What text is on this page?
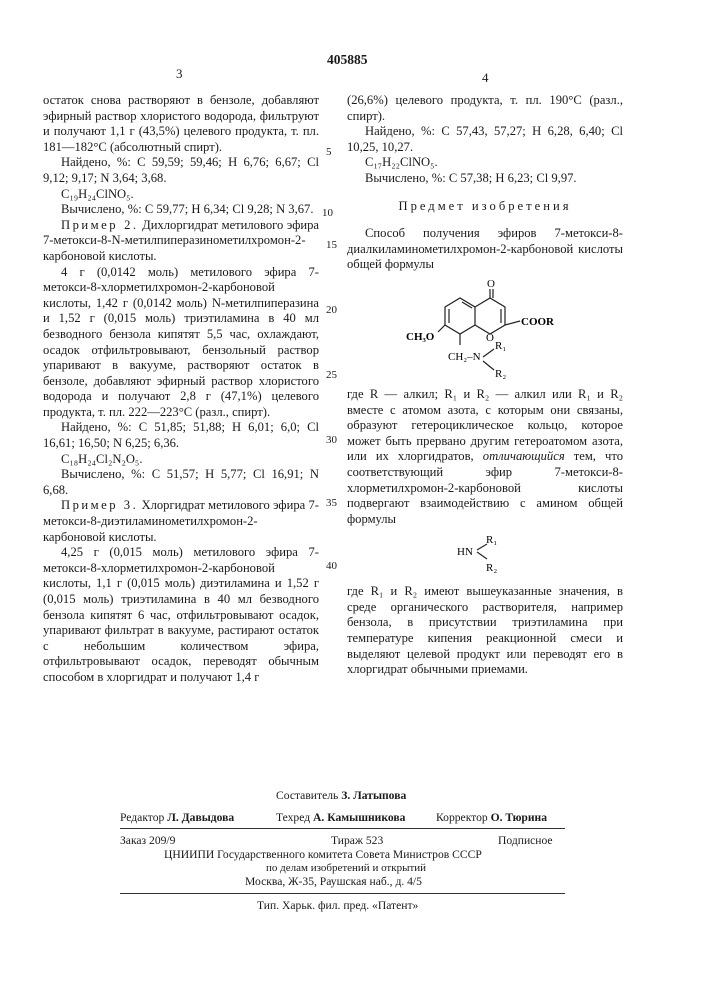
405885
3	4
5
10
15
20
25
30
35
40

остаток снова растворяют в бензоле, добавляют эфирный раствор хлористого водорода, фильтруют и получают 1,1 г (43,5%) целевого продукта, т. пл. 181—182°С (абсолютный спирт).

Найдено, %: С 59,59; 59,46; Н 6,76; 6,67; Cl 9,12; 9,17; N 3,64; 3,68.

C₁₉H₂₄ClNO₅.

Вычислено, %: С 59,77; Н 6,34; Cl 9,28; N 3,67.

Пример 2. Дихлоргидрат метилового эфира 7-метокси-8-N-метилпиперазинометилхромон-2-карбоновой кислоты.

4 г (0,0142 моль) метилового эфира 7-метокси-8-хлорметилхромон-2-карбоновой кислоты, 1,42 г (0,0142 моль) N-метилпиперазина и 1,52 г (0,015 моль) триэтиламина в 40 мл безводного бензола кипятят 5,5 час, охлаждают, осадок отфильтровывают, бензольный раствор упаривают в вакууме, растворяют остаток в бензоле, добавляют эфирный раствор хлористого водорода и получают 2,8 г (47,1%) целевого продукта, т. пл. 222—223°С (разл., спирт).

Найдено, %: С 51,85; 51,88; Н 6,01; 6,0; Cl 16,61; 16,50; N 6,25; 6,36.

C₁₈H₂₄Cl₂N₂O₅.

Вычислено, %: С 51,57; Н 5,77; Cl 16,91; N 6,68.

Пример 3. Хлоргидрат метилового эфира 7-метокси-8-диэтиламинометилхромон-2-карбоновой кислоты.

4,25 г (0,015 моль) метилового эфира 7-метокси-8-хлорметилхромон-2-карбоновой кислоты, 1,1 г (0,015 моль) диэтиламина и 1,52 г (0,015 моль) триэтиламина в 40 мл безводного бензола кипятят 6 час, отфильтровывают осадок, упаривают фильтрат в вакууме, растирают остаток с небольшим количеством эфира, отфильтровывают осадок, переводят обычным способом в хлоргидрат и получают 1,4 г

(26,6%) целевого продукта, т. пл. 190°С (разл., спирт).

Найдено, %: С 57,43, 57,27; Н 6,28, 6,40; Cl 10,25, 10,27.

C₁₇H₂₂ClNO₅.

Вычислено, %: С 57,38; Н 6,23; Cl 9,97.

Предмет изобретения

Способ получения эфиров 7-метокси-8-диалкиламинометилхромон-2-карбоновой кислоты общей формулы

O
COOR
CH₃O	O
CH₂–N
R₁
R₂

где R — алкил; R₁ и R₂ — алкил или R₁ и R₂ вместе с атомом азота, с которым они связаны, образуют гетероциклическое кольцо, которое может быть прервано другим гетероатомом азота, или их хлоргидратов, отличающийся тем, что соответствующий эфир 7-метокси-8-хлорметилхромон-2-карбоновой кислоты подвергают взаимодействию с амином общей формулы

HN
R₁
R₂

где R₁ и R₂ имеют вышеуказанные значения, в среде органического растворителя, например бензола, в присутствии триэтиламина при температуре кипения реакционной смеси и выделяют целевой продукт или переводят его в хлоргидрат обычными приемами.

Составитель З. Латыпова
Редактор Л. Давыдова	Техред А. Камышникова	Корректор О. Тюрина
Заказ 209/9	Тираж 523	Подписное
ЦНИИПИ Государственного комитета Совета Министров СССР
по делам изобретений и открытий
Москва, Ж-35, Раушская наб., д. 4/5
Тип. Харьк. фил. пред. «Патент»
